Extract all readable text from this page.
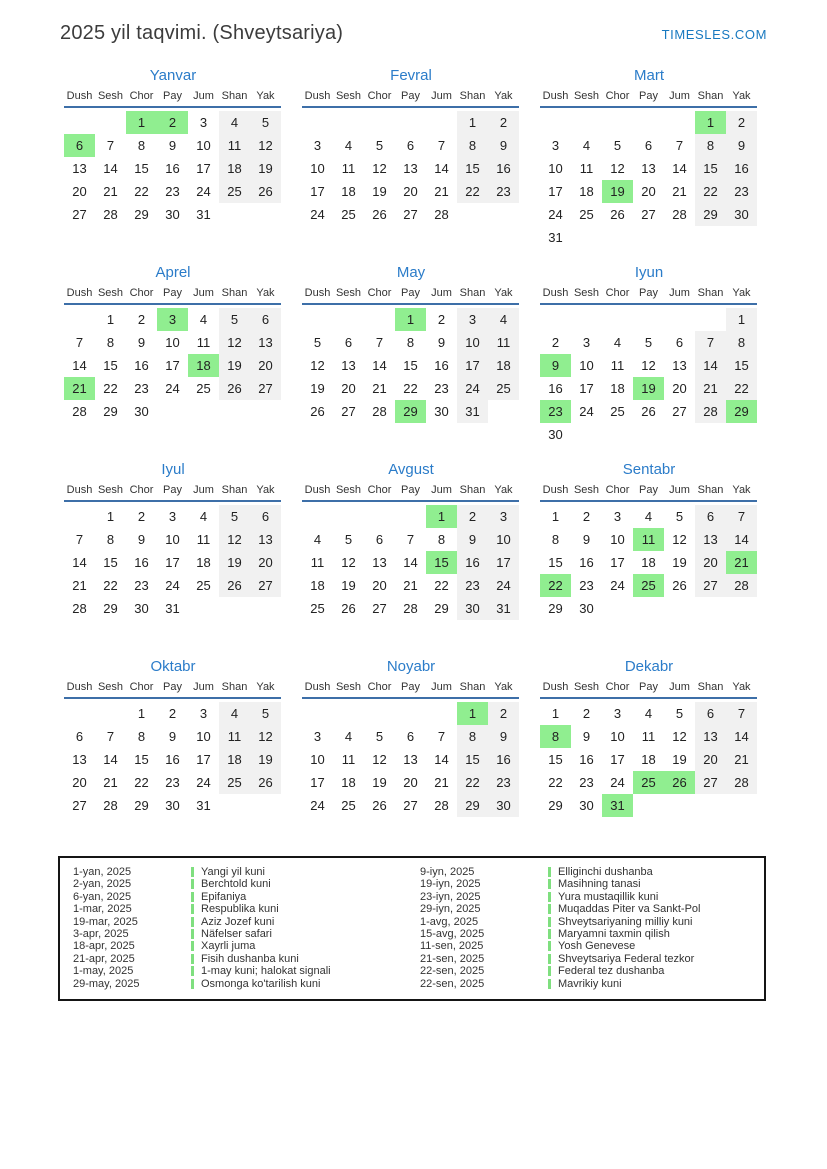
2025 yil taqvimi. (Shveytsariya)	TIMESLES.COM
Yanvar
Dush	Sesh	Chor	Pay	Jum	Shan	Yak
		1	2	3	4	5
6	7	8	9	10	11	12
13	14	15	16	17	18	19
20	21	22	23	24	25	26
27	28	29	30	31		
Fevral
Dush	Sesh	Chor	Pay	Jum	Shan	Yak
					1	2
3	4	5	6	7	8	9
10	11	12	13	14	15	16
17	18	19	20	21	22	23
24	25	26	27	28		
Mart
Dush	Sesh	Chor	Pay	Jum	Shan	Yak
					1	2
3	4	5	6	7	8	9
10	11	12	13	14	15	16
17	18	19	20	21	22	23
24	25	26	27	28	29	30
31						
Aprel
Dush	Sesh	Chor	Pay	Jum	Shan	Yak
	1	2	3	4	5	6
7	8	9	10	11	12	13
14	15	16	17	18	19	20
21	22	23	24	25	26	27
28	29	30				
May
Dush	Sesh	Chor	Pay	Jum	Shan	Yak
			1	2	3	4
5	6	7	8	9	10	11
12	13	14	15	16	17	18
19	20	21	22	23	24	25
26	27	28	29	30	31	
Iyun
Dush	Sesh	Chor	Pay	Jum	Shan	Yak
						1
2	3	4	5	6	7	8
9	10	11	12	13	14	15
16	17	18	19	20	21	22
23	24	25	26	27	28	29
30						
Iyul
Dush	Sesh	Chor	Pay	Jum	Shan	Yak
	1	2	3	4	5	6
7	8	9	10	11	12	13
14	15	16	17	18	19	20
21	22	23	24	25	26	27
28	29	30	31			
Avgust
Dush	Sesh	Chor	Pay	Jum	Shan	Yak
				1	2	3
4	5	6	7	8	9	10
11	12	13	14	15	16	17
18	19	20	21	22	23	24
25	26	27	28	29	30	31
Sentabr
Dush	Sesh	Chor	Pay	Jum	Shan	Yak
1	2	3	4	5	6	7
8	9	10	11	12	13	14
15	16	17	18	19	20	21
22	23	24	25	26	27	28
29	30					
Oktabr
Dush	Sesh	Chor	Pay	Jum	Shan	Yak
		1	2	3	4	5
6	7	8	9	10	11	12
13	14	15	16	17	18	19
20	21	22	23	24	25	26
27	28	29	30	31		
Noyabr
Dush	Sesh	Chor	Pay	Jum	Shan	Yak
					1	2
3	4	5	6	7	8	9
10	11	12	13	14	15	16
17	18	19	20	21	22	23
24	25	26	27	28	29	30
Dekabr
Dush	Sesh	Chor	Pay	Jum	Shan	Yak
1	2	3	4	5	6	7
8	9	10	11	12	13	14
15	16	17	18	19	20	21
22	23	24	25	26	27	28
29	30	31				
1-yan, 2025	Yangi yil kuni
2-yan, 2025	Berchtold kuni
6-yan, 2025	Epifaniya
1-mar, 2025	Respublika kuni
19-mar, 2025	Aziz Jozef kuni
3-apr, 2025	Näfelser safari
18-apr, 2025	Xayrli juma
21-apr, 2025	Fisih dushanba kuni
1-may, 2025	1-may kuni; halokat signali
29-may, 2025	Osmonga ko'tarilish kuni
9-iyn, 2025	Elliginchi dushanba
19-iyn, 2025	Masihning tanasi
23-iyn, 2025	Yura mustaqillik kuni
29-iyn, 2025	Muqaddas Piter va Sankt-Pol
1-avg, 2025	Shveytsariyaning milliy kuni
15-avg, 2025	Maryamni taxmin qilish
11-sen, 2025	Yosh Genevese
21-sen, 2025	Shveytsariya Federal tezkor
22-sen, 2025	Federal tez dushanba
22-sen, 2025	Mavrikiy kuni
